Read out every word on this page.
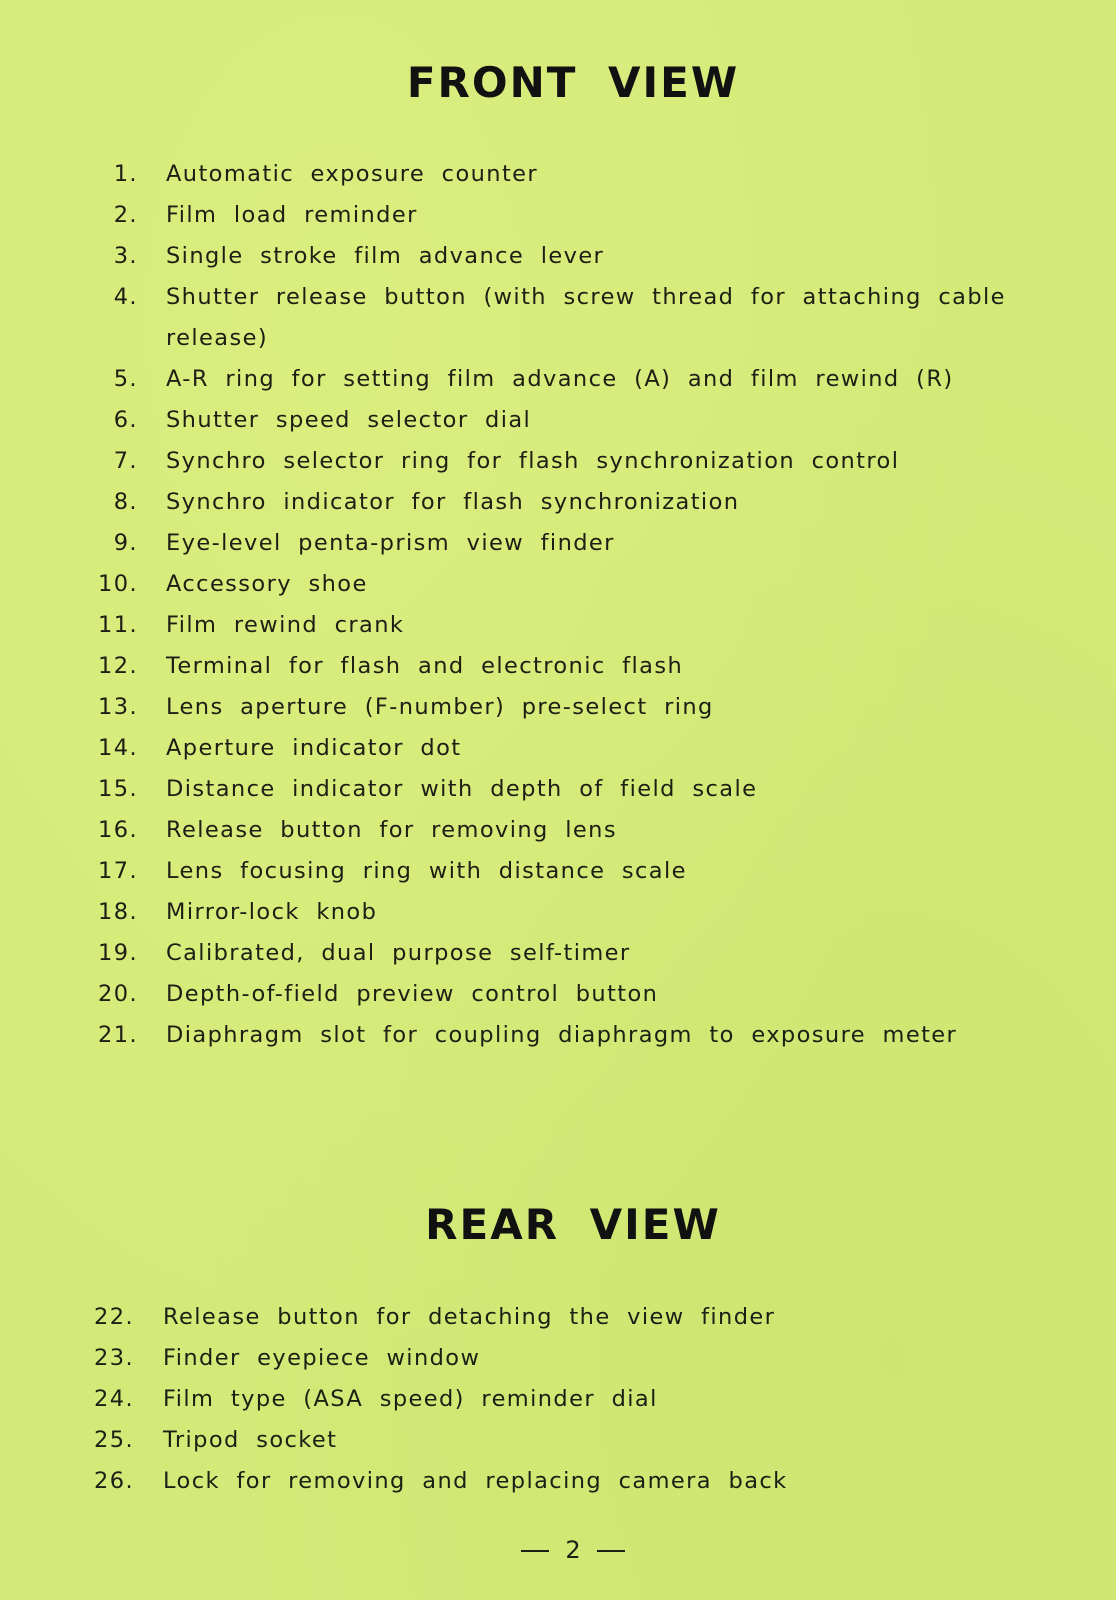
FRONT VIEW
1. Automatic exposure counter
2. Film load reminder
3. Single stroke film advance lever
4. Shutter release button (with screw thread for attaching cable release)
5. A-R ring for setting film advance (A) and film rewind (R)
6. Shutter speed selector dial
7. Synchro selector ring for flash synchronization control
8. Synchro indicator for flash synchronization
9. Eye-level penta-prism view finder
10. Accessory shoe
11. Film rewind crank
12. Terminal for flash and electronic flash
13. Lens aperture (F-number) pre-select ring
14. Aperture indicator dot
15. Distance indicator with depth of field scale
16. Release button for removing lens
17. Lens focusing ring with distance scale
18. Mirror-lock knob
19. Calibrated, dual purpose self-timer
20. Depth-of-field preview control button
21. Diaphragm slot for coupling diaphragm to exposure meter
REAR VIEW
22. Release button for detaching the view finder
23. Finder eyepiece window
24. Film type (ASA speed) reminder dial
25. Tripod socket
26. Lock for removing and replacing camera back
2
